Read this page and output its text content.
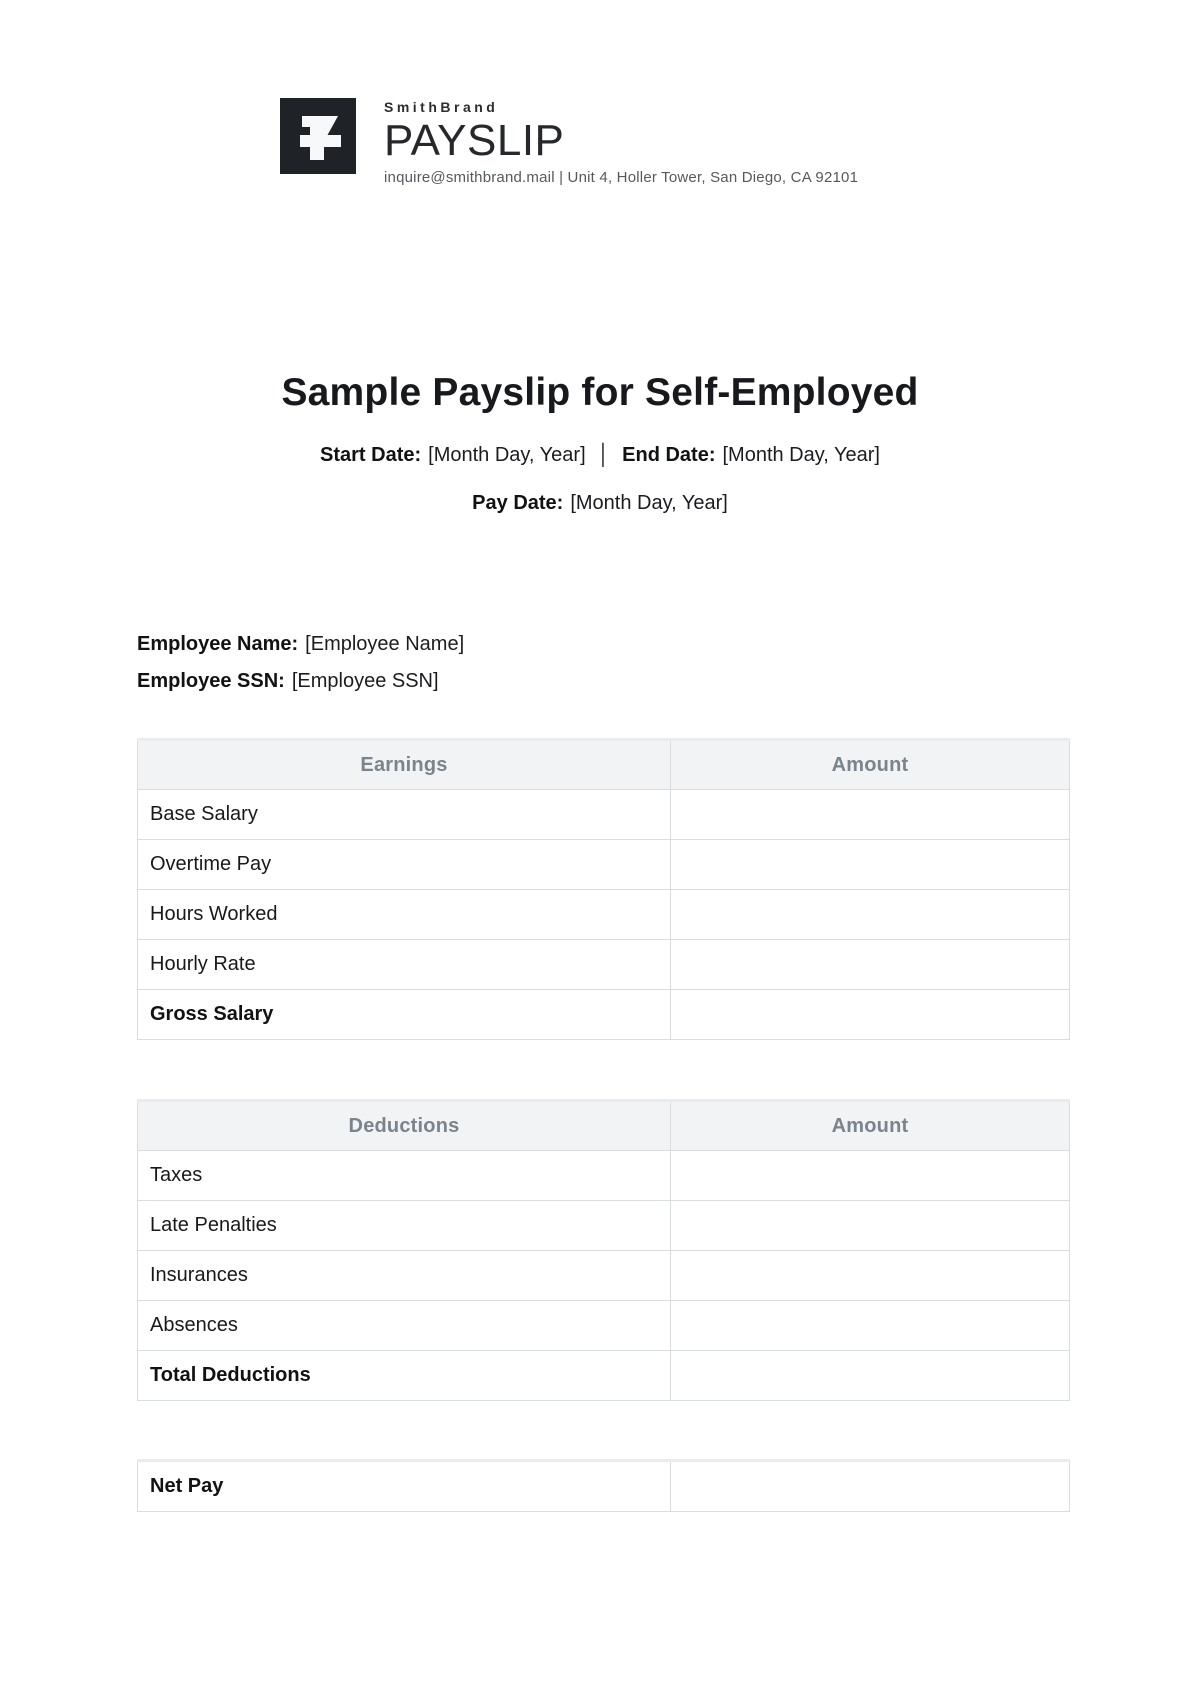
SmithBrand
PAYSLIP
inquire@smithbrand.mail | Unit 4, Holler Tower, San Diego, CA 92101
Sample Payslip for Self-Employed
Start Date: [Month Day, Year] │ End Date: [Month Day, Year]
Pay Date: [Month Day, Year]
Employee Name: [Employee Name]
Employee SSN: [Employee SSN]
Earnings	Amount
Base Salary	
Overtime Pay	
Hours Worked	
Hourly Rate	
Gross Salary	
Deductions	Amount
Taxes	
Late Penalties	
Insurances	
Absences	
Total Deductions	
Net Pay	
